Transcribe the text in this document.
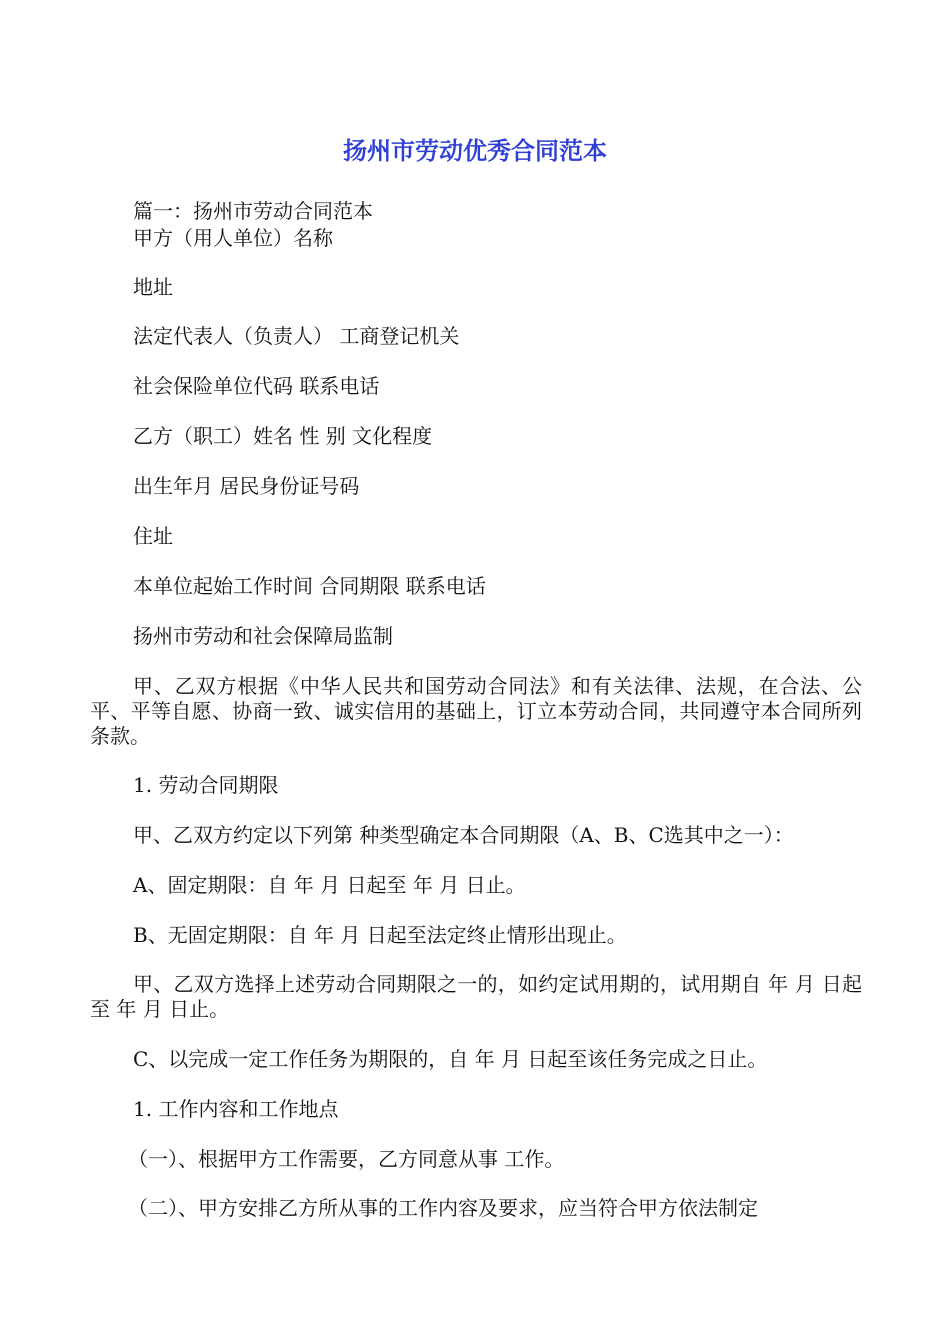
扬州市劳动优秀合同范本
篇一：扬州市劳动合同范本
甲方（用人单位）名称
地址
法定代表人（负责人） 工商登记机关
社会保险单位代码 联系电话
乙方（职工）姓名 性 别 文化程度
出生年月 居民身份证号码
住址
本单位起始工作时间 合同期限 联系电话
扬州市劳动和社会保障局监制
甲、乙双方根据《中华人民共和国劳动合同法》和有关法律、法规，在合法、公平、平等自愿、协商一致、诚实信用的基础上，订立本劳动合同，共同遵守本合同所列条款。
1. 劳动合同期限
甲、乙双方约定以下列第 种类型确定本合同期限（A、B、C选其中之一）：
A、固定期限：自 年 月 日起至 年 月 日止。
B、无固定期限：自 年 月 日起至法定终止情形出现止。
甲、乙双方选择上述劳动合同期限之一的，如约定试用期的，试用期自 年 月 日起至 年 月 日止。
C、以完成一定工作任务为期限的，自 年 月 日起至该任务完成之日止。
1. 工作内容和工作地点
（一）、根据甲方工作需要，乙方同意从事 工作。
（二）、甲方安排乙方所从事的工作内容及要求，应当符合甲方依法制定
